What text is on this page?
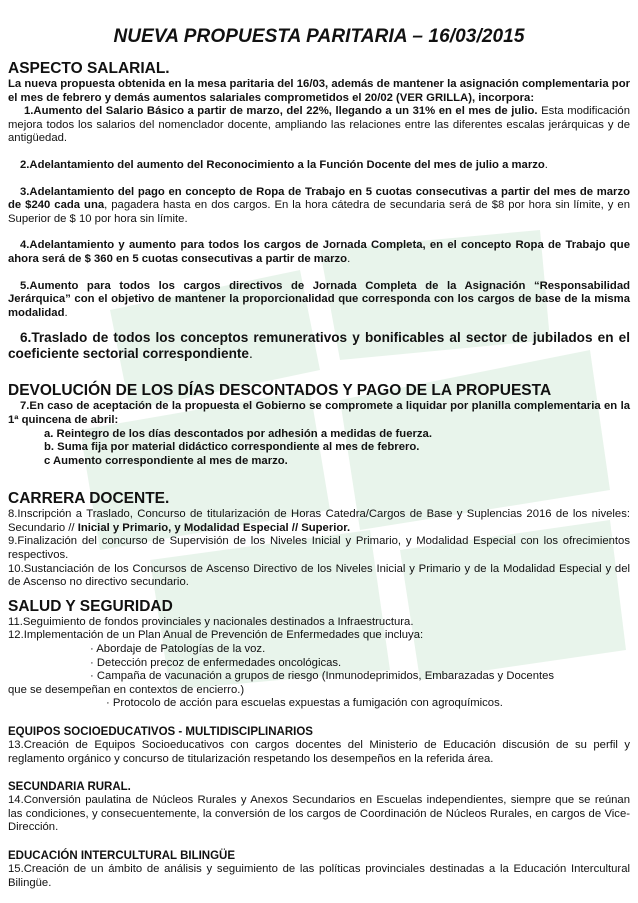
NUEVA PROPUESTA PARITARIA – 16/03/2015
ASPECTO SALARIAL.

La nueva propuesta obtenida en la mesa paritaria del 16/03, además de mantener la asignación complementaria por el mes de febrero y demás aumentos salariales comprometidos el 20/02 (VER GRILLA), incorpora:

1.Aumento del Salario Básico a partir de marzo, del 22%, llegando a un 31% en el mes de julio. Esta modificación mejora todos los salarios del nomenclador docente, ampliando las relaciones entre las diferentes escalas jerárquicas y de antigüedad.

2.Adelantamiento del aumento del Reconocimiento a la Función Docente del mes de julio a marzo.

3.Adelantamiento del pago en concepto de Ropa de Trabajo en 5 cuotas consecutivas a partir del mes de marzo de $240 cada una, pagadera hasta en dos cargos. En la hora cátedra de secundaria será de $8 por hora sin límite, y en Superior de $ 10 por hora sin límite.

4.Adelantamiento y aumento para todos los cargos de Jornada Completa, en el concepto Ropa de Trabajo que ahora será de $ 360 en 5 cuotas consecutivas a partir de marzo.

5.Aumento para todos los cargos directivos de Jornada Completa de la Asignación “Responsabilidad Jerárquica” con el objetivo de mantener la proporcionalidad que corresponda con los cargos de base de la misma modalidad.

6.Traslado de todos los conceptos remunerativos y bonificables al sector de jubilados en el coeficiente sectorial correspondiente.

DEVOLUCIÓN DE LOS DÍAS DESCONTADOS Y PAGO DE LA PROPUESTA

7.En caso de aceptación de la propuesta el Gobierno se compromete a liquidar por planilla complementaria en la 1ª quincena de abril:

a. Reintegro de los días descontados por adhesión a medidas de fuerza.

b. Suma fija por material didáctico correspondiente al mes de febrero.

c Aumento correspondiente al mes de marzo.

CARRERA DOCENTE.

8.Inscripción a Traslado, Concurso de titularización de Horas Catedra/Cargos de Base y Suplencias 2016 de los niveles: Secundario // Inicial y Primario, y Modalidad Especial // Superior.

9.Finalización del concurso de Supervisión de los Niveles Inicial y Primario, y Modalidad Especial con los ofrecimientos respectivos.

10.Sustanciación de los Concursos de Ascenso Directivo de los Niveles Inicial y Primario y de la Modalidad Especial y del de Ascenso no directivo secundario.

SALUD Y SEGURIDAD

11.Seguimiento de fondos provinciales y nacionales destinados a Infraestructura.

12.Implementación de un Plan Anual de Prevención de Enfermedades que incluya:

· Abordaje de Patologías de la voz.

· Detección precoz de enfermedades oncológicas.

· Campaña de vacunación a grupos de riesgo (Inmunodeprimidos, Embarazadas y Docentes

que se desempeñan en contextos de encierro.)

· Protocolo de acción para escuelas expuestas a fumigación con agroquímicos.

EQUIPOS SOCIOEDUCATIVOS - MULTIDISCIPLINARIOS

13.Creación de Equipos Socioeducativos con cargos docentes del Ministerio de Educación discusión de su perfil y reglamento orgánico y concurso de titularización respetando los desempeños en la referida área.

SECUNDARIA RURAL.

14.Conversión paulatina de Núcleos Rurales y Anexos Secundarios en Escuelas independientes, siempre que se reúnan las condiciones, y consecuentemente, la conversión de los cargos de Coordinación de Núcleos Rurales, en cargos de Vice-Dirección.

EDUCACIÓN INTERCULTURAL BILINGÜE

15.Creación de un ámbito de análisis y seguimiento de las políticas provinciales destinadas a la Educación Intercultural Bilingüe.
